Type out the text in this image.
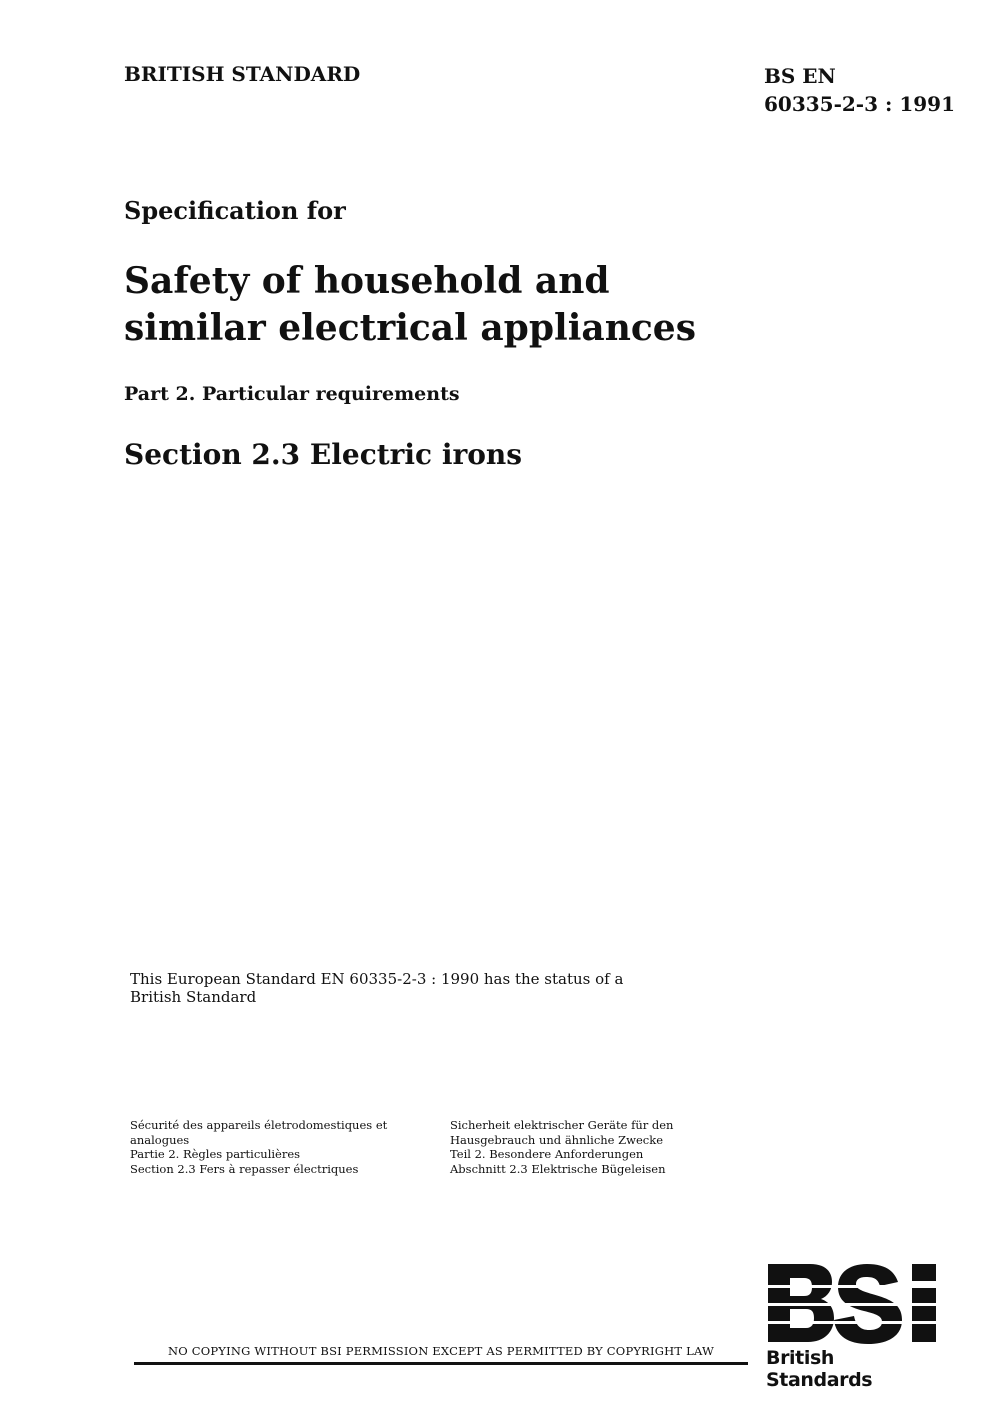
BRITISH STANDARD	BS EN
60335-2-3 : 1991
Specification for
Safety of household and
similar electrical appliances
Part 2. Particular requirements
Section 2.3 Electric irons
This European Standard EN 60335-2-3 : 1990 has the status of a
British Standard
Sécurité des appareils életrodomestiques et
analogues
Partie 2. Règles particulières
Section 2.3 Fers à repasser électriques
Sicherheit elektrischer Geräte für den
Hausgebrauch und ähnliche Zwecke
Teil 2. Besondere Anforderungen
Abschnitt 2.3 Elektrische Bügeleisen
NO COPYING WITHOUT BSI PERMISSION EXCEPT AS PERMITTED BY COPYRIGHT LAW	British Standards
